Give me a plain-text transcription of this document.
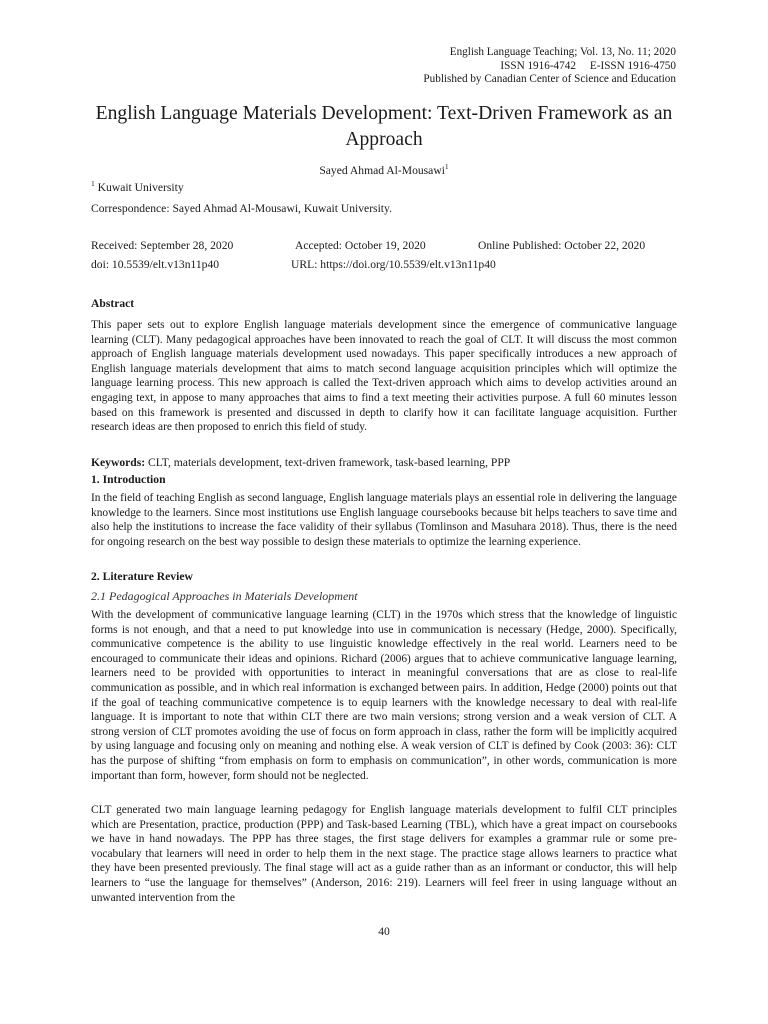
English Language Teaching; Vol. 13, No. 11; 2020
ISSN 1916-4742     E-ISSN 1916-4750
Published by Canadian Center of Science and Education
English Language Materials Development: Text-Driven Framework as an Approach
Sayed Ahmad Al-Mousawi$^1$
$^1$ Kuwait University
Correspondence: Sayed Ahmad Al-Mousawi, Kuwait University.
Received: September 28, 2020	Accepted: October 19, 2020	Online Published: October 22, 2020
doi: 10.5539/elt.v13n11p40	URL: https://doi.org/10.5539/elt.v13n11p40
Abstract

This paper sets out to explore English language materials development since the emergence of communicative language learning (CLT). Many pedagogical approaches have been innovated to reach the goal of CLT. It will discuss the most common approach of English language materials development used nowadays. This paper specifically introduces a new approach of English language materials development that aims to match second language acquisition principles which will optimize the language learning process. This new approach is called the Text-driven approach which aims to develop activities around an engaging text, in appose to many approaches that aims to find a text meeting their activities purpose. A full 60 minutes lesson based on this framework is presented and discussed in depth to clarify how it can facilitate language acquisition. Further research ideas are then proposed to enrich this field of study.

Keywords: CLT, materials development, text-driven framework, task-based learning, PPP
1. Introduction

In the field of teaching English as second language, English language materials plays an essential role in delivering the language knowledge to the learners. Since most institutions use English language coursebooks because bit helps teachers to save time and also help the institutions to increase the face validity of their syllabus (Tomlinson and Masuhara 2018). Thus, there is the need for ongoing research on the best way possible to design these materials to optimize the learning experience.

2. Literature Review
2.1 Pedagogical Approaches in Materials Development

With the development of communicative language learning (CLT) in the 1970s which stress that the knowledge of linguistic forms is not enough, and that a need to put knowledge into use in communication is necessary (Hedge, 2000). Specifically, communicative competence is the ability to use linguistic knowledge effectively in the real world. Learners need to be encouraged to communicate their ideas and opinions. Richard (2006) argues that to achieve communicative language learning, learners need to be provided with opportunities to interact in meaningful conversations that are as close to real-life communication as possible, and in which real information is exchanged between pairs. In addition, Hedge (2000) points out that if the goal of teaching communicative competence is to equip learners with the knowledge necessary to deal with real-life language. It is important to note that within CLT there are two main versions; strong version and a weak version of CLT. A strong version of CLT promotes avoiding the use of focus on form approach in class, rather the form will be implicitly acquired by using language and focusing only on meaning and nothing else. A weak version of CLT is defined by Cook (2003: 36): CLT has the purpose of shifting “from emphasis on form to emphasis on communication”, in other words, communication is more important than form, however, form should not be neglected.

CLT generated two main language learning pedagogy for English language materials development to fulfil CLT principles which are Presentation, practice, production (PPP) and Task-based Learning (TBL), which have a great impact on coursebooks we have in hand nowadays. The PPP has three stages, the first stage delivers for examples a grammar rule or some pre-vocabulary that learners will need in order to help them in the next stage. The practice stage allows learners to practice what they have been presented previously. The final stage will act as a guide rather than as an informant or conductor, this will help learners to “use the language for themselves” (Anderson, 2016: 219). Learners will feel freer in using language without an unwanted intervention from the

40
